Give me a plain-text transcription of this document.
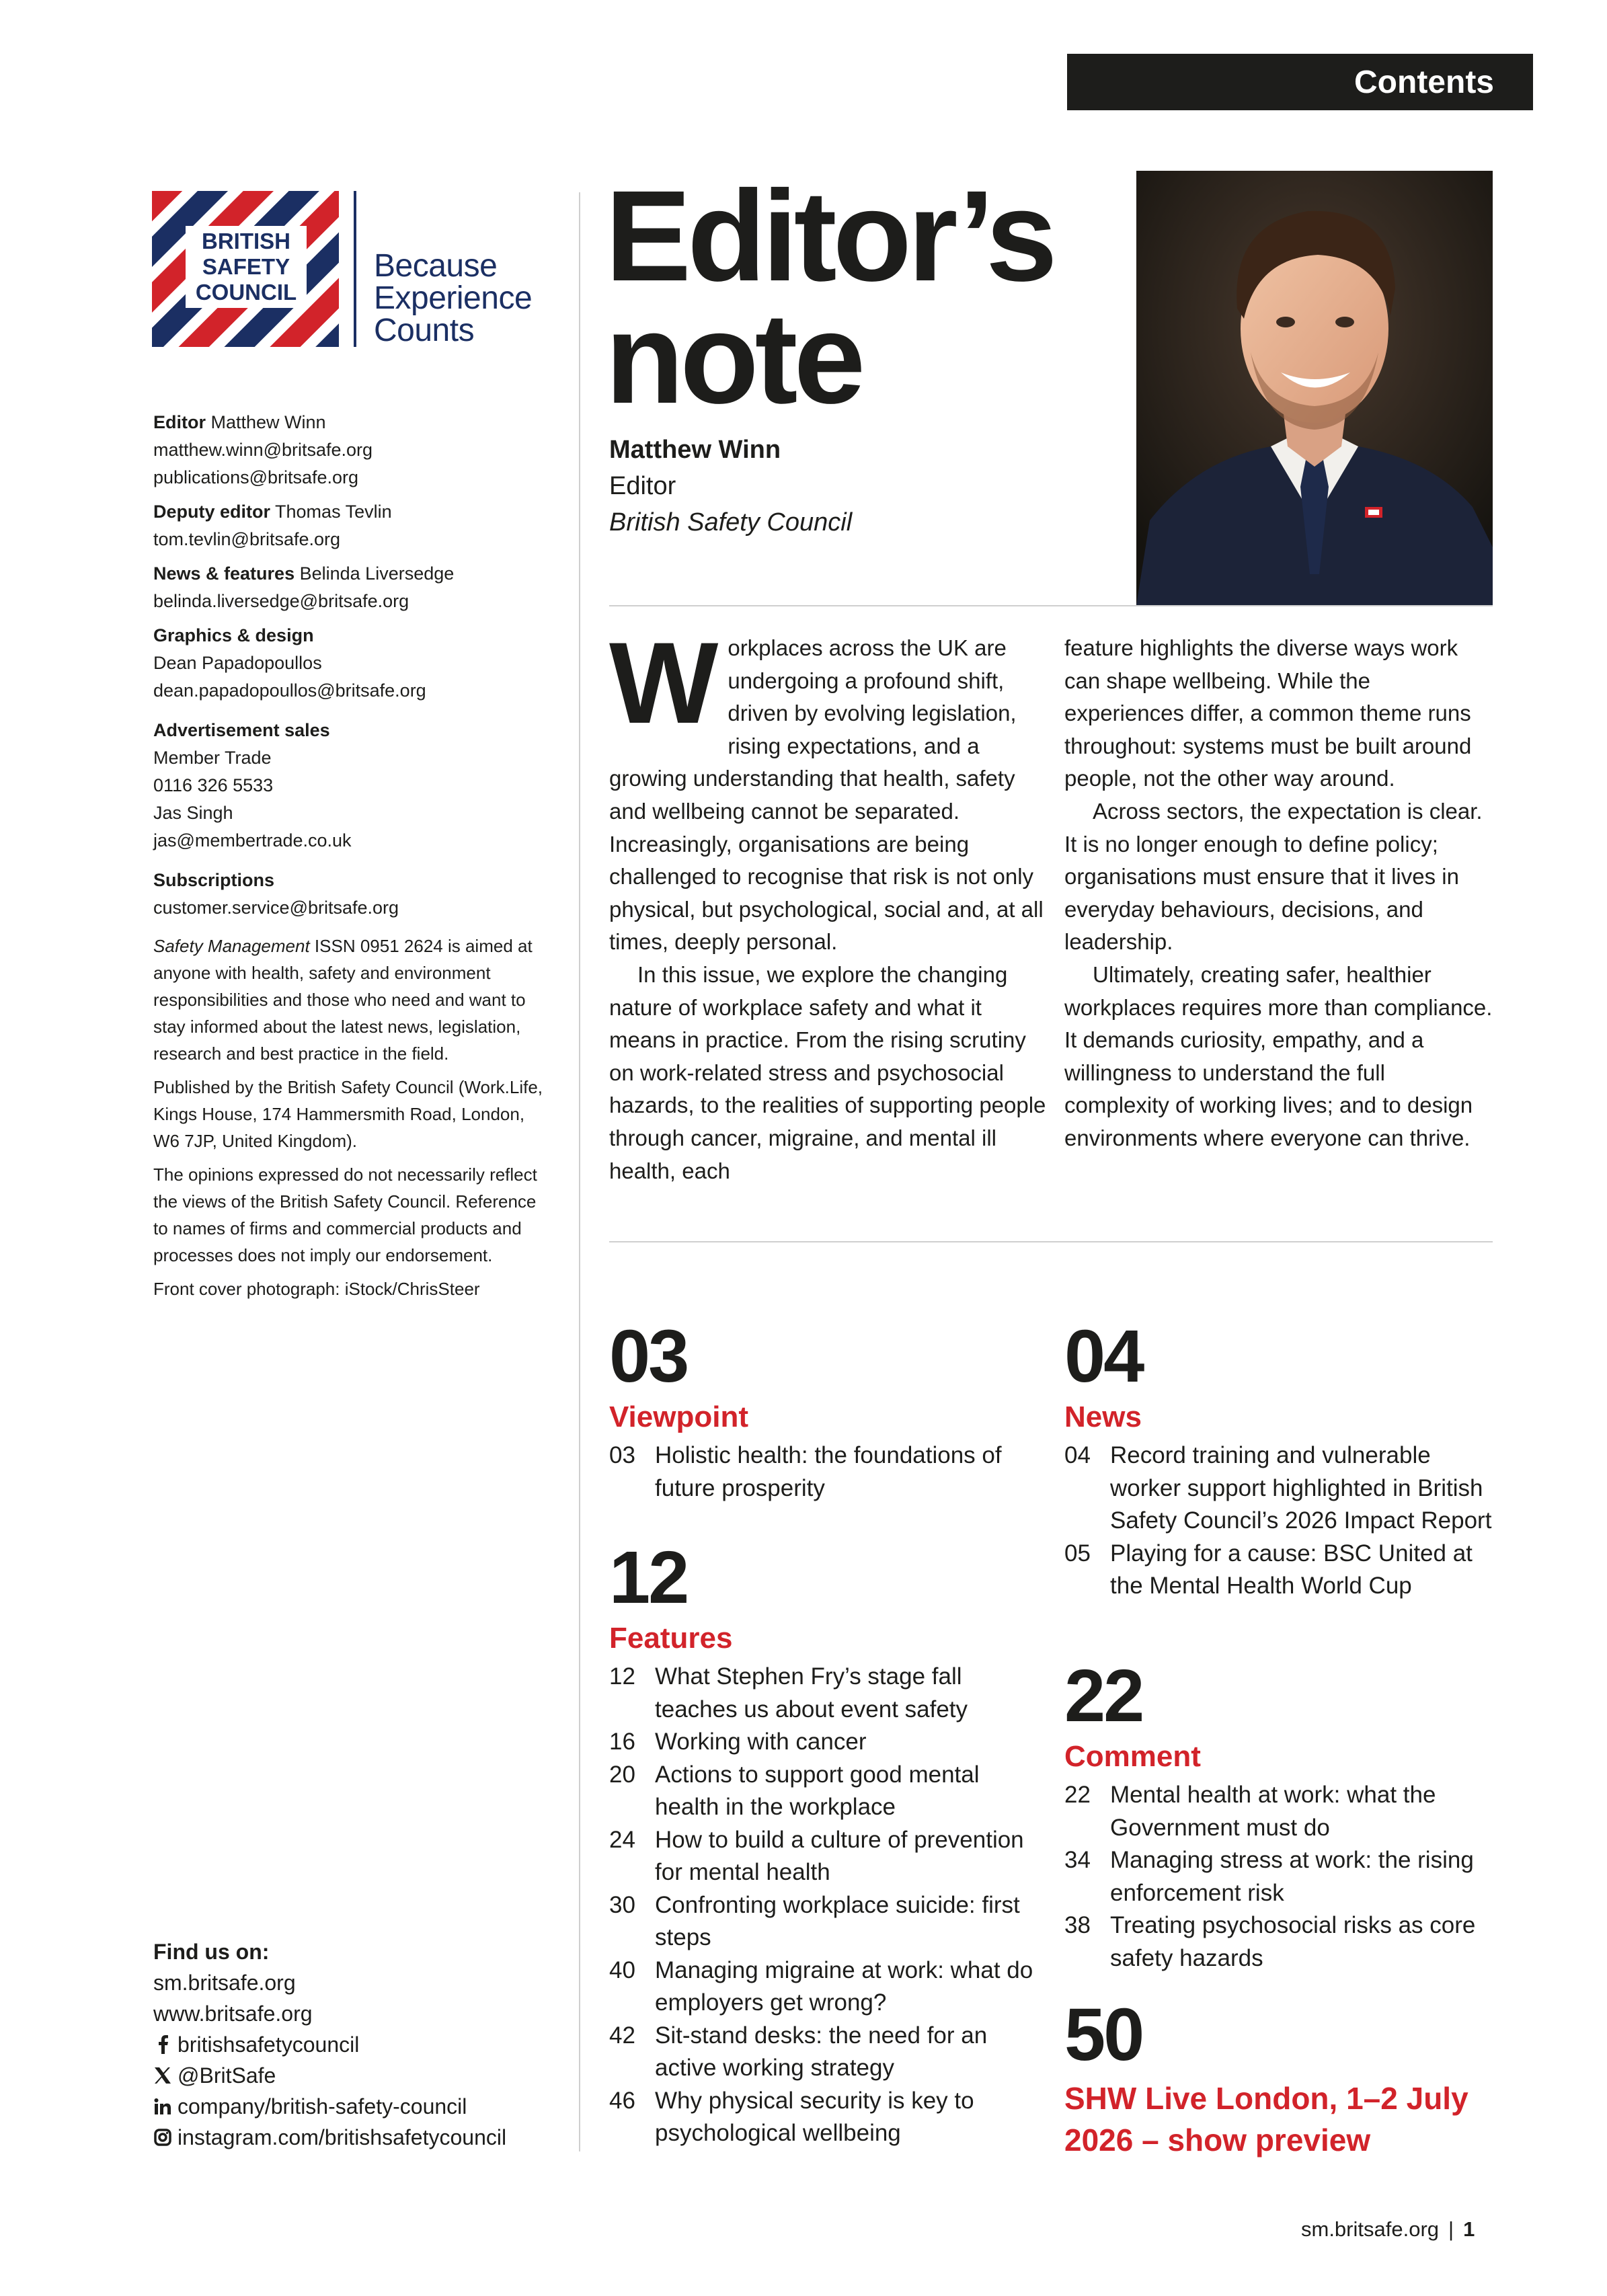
Contents
BRITISH
SAFETY
COUNCIL
Because
Experience
Counts
Editor Matthew Winn
matthew.winn@britsafe.org
publications@britsafe.org
Deputy editor Thomas Tevlin
tom.tevlin@britsafe.org
News & features Belinda Liversedge
belinda.liversedge@britsafe.org
Graphics & design
Dean Papadopoullos
dean.papadopoullos@britsafe.org
Advertisement sales
Member Trade
0116 326 5533
Jas Singh
jas@membertrade.co.uk
Subscriptions
customer.service@britsafe.org

Safety Management ISSN 0951 2624 is aimed at anyone with health, safety and environment responsibilities and those who need and want to stay informed about the latest news, legislation, research and best practice in the field.

Published by the British Safety Council (Work.Life, Kings House, 174 Hammersmith Road, London, W6 7JP, United Kingdom).

The opinions expressed do not necessarily reflect the views of the British Safety Council. Reference to names of firms and commercial products and processes does not imply our endorsement.

Front cover photograph: iStock/ChrisSteer

Find us on:
sm.britsafe.org
www.britsafe.org
britishsafetycouncil
@BritSafe
company/british-safety-council
instagram.com/britishsafetycouncil
Editor’s
note
Matthew Winn
Editor
British Safety Council

Workplaces across the UK are undergoing a profound shift, driven by evolving legislation, rising expectations, and a growing understanding that health, safety and wellbeing cannot be separated. Increasingly, organisations are being challenged to recognise that risk is not only physical, but psychological, social and, at all times, deeply personal.

In this issue, we explore the changing nature of workplace safety and what it means in practice. From the rising scrutiny on work-related stress and psychosocial hazards, to the realities of supporting people through cancer, migraine, and mental ill health, each

feature highlights the diverse ways work can shape wellbeing. While the experiences differ, a common theme runs throughout: systems must be built around people, not the other way around.

Across sectors, the expectation is clear. It is no longer enough to define policy; organisations must ensure that it lives in everyday behaviours, decisions, and leadership.

Ultimately, creating safer, healthier workplaces requires more than compliance. It demands curiosity, empathy, and a willingness to understand the full complexity of working lives; and to design environments where everyone can thrive.

03
Viewpoint
03 Holistic health: the foundations of future prosperity
12
Features
12 What Stephen Fry’s stage fall teaches us about event safety
16 Working with cancer
20 Actions to support good mental health in the workplace
24 How to build a culture of prevention for mental health
30 Confronting workplace suicide: first steps
40 Managing migraine at work: what do employers get wrong?
42 Sit-stand desks: the need for an active working strategy
46 Why physical security is key to psychological wellbeing
04
News
04 Record training and vulnerable worker support highlighted in British Safety Council’s 2026 Impact Report
05 Playing for a cause: BSC United at the Mental Health World Cup
22
Comment
22 Mental health at work: what the Government must do
34 Managing stress at work: the rising enforcement risk
38 Treating psychosocial risks as core safety hazards
50
SHW Live London, 1–2 July 2026 – show preview
sm.britsafe.org | 1
